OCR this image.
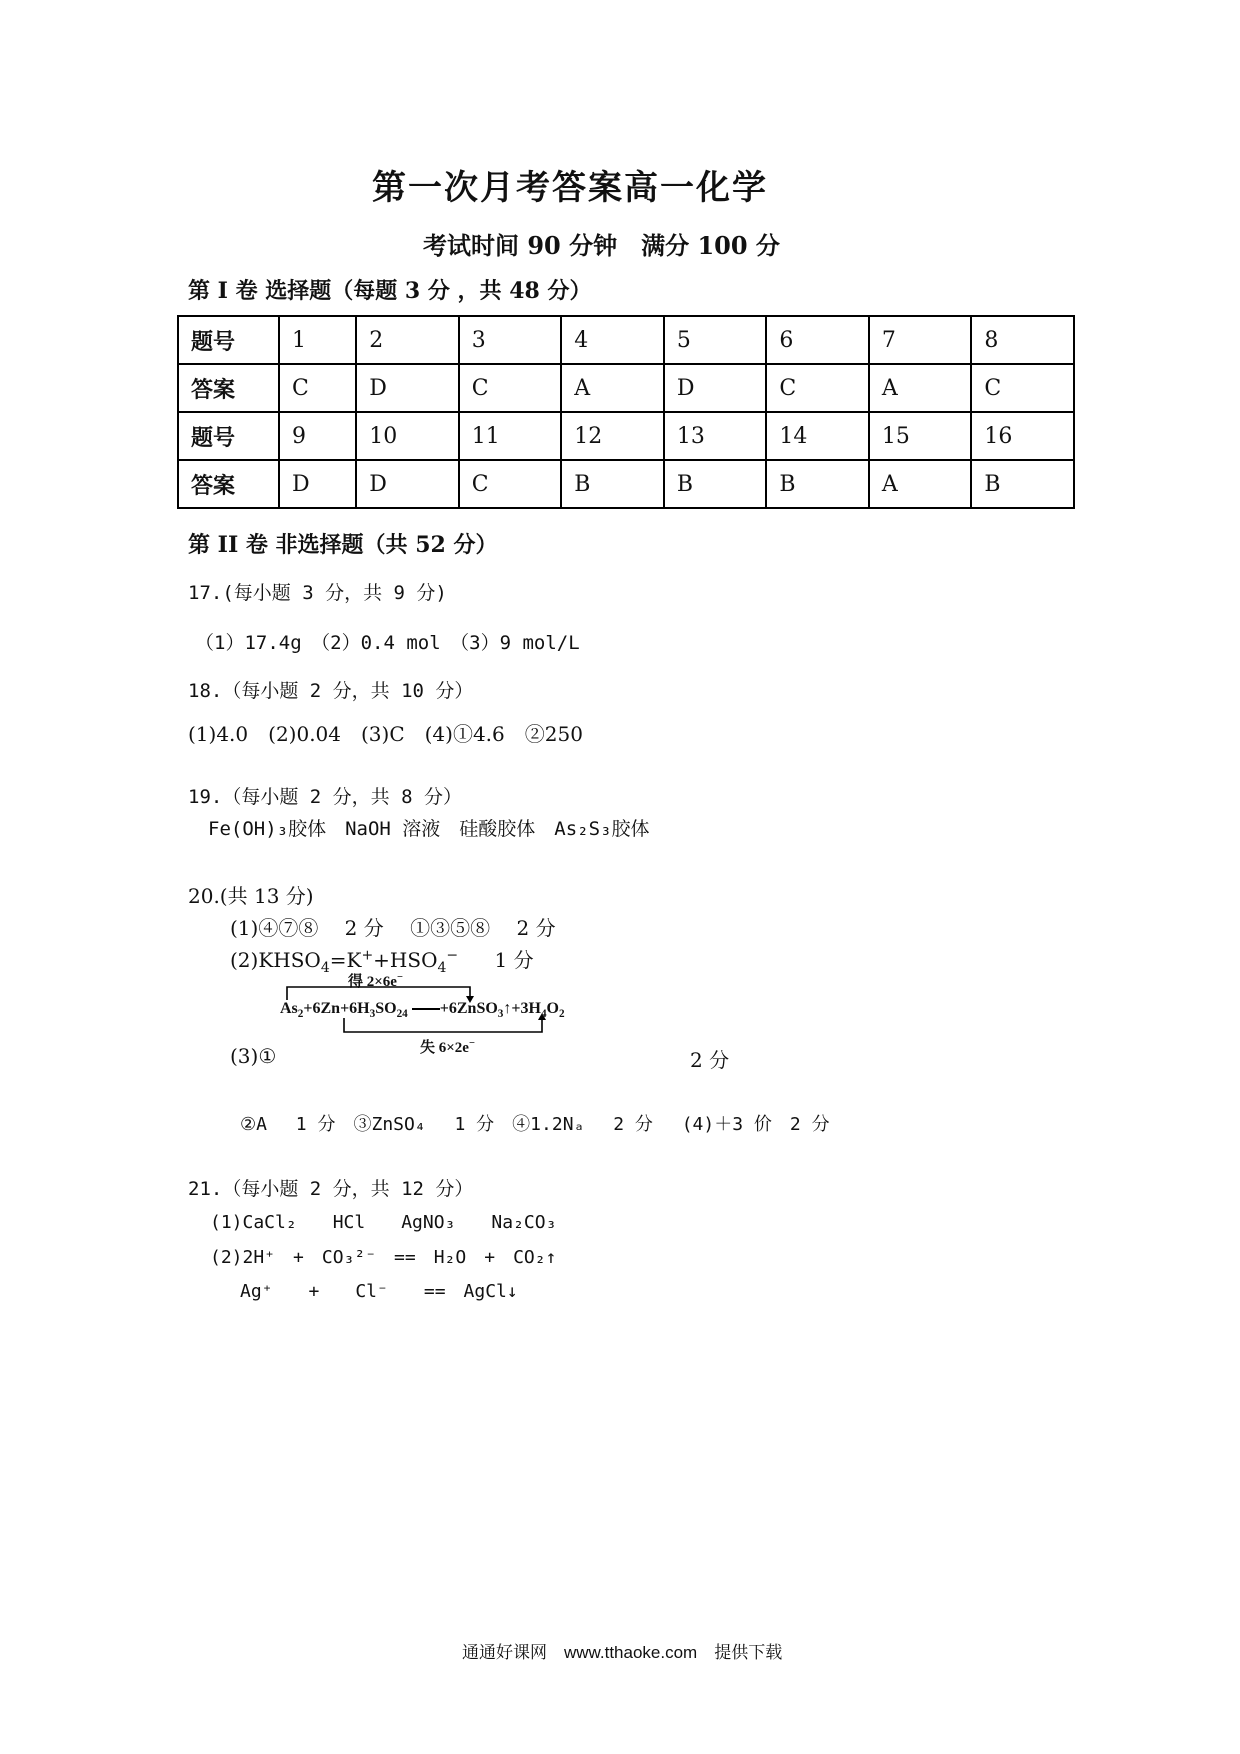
第一次月考答案高一化学
考试时间 90 分钟　满分 100 分
第 I 卷 选择题（每题 3 分 ，共 48 分）
题号	1	2	3	4	5	6	7	8
答案	C	D	C	A	D	C	A	C
题号	9	10	11	12	13	14	15	16
答案	D	D	C	B	B	B	A	B
第 II 卷 非选择题（共 52 分）
17.(每小题 3 分，共 9 分)
（1）17.4g　（2）0.4 mol　（3）9 mol/L
18.（每小题 2 分，共 10 分）
(1)4.0　(2)0.04　(3)C　(4)①4.6　②250
19.（每小题 2 分，共 8 分）
Fe(OH)₃胶体　NaOH 溶液　硅酸胶体　As₂S₃胶体
20.(共 13 分)
(1)④⑦⑧　 2 分　 ①③⑤⑧　 2 分
$(2)KHSO_4=K^++HSO_4^-$ 1 分
得 2×6e−
$As_2+6Zn+6H_3SO_{24}$ $+6ZnSO_3↑+3H_4O_2$
失 6×2e−
(3)①	2 分
②A　 1 分　③ZnSO₄　 1 分　④1.2Nₐ　 2 分　 (4)＋3 价　2 分
21.（每小题 2 分，共 12 分）
(1)CaCl₂　　HCl　　AgNO₃　　Na₂CO₃
(2)2H⁺　+　CO₃²⁻　==　H₂O　+　CO₂↑
Ag⁺　　+　　Cl⁻　　==　AgCl↓
通通好课网　www.tthaoke.com　提供下载
